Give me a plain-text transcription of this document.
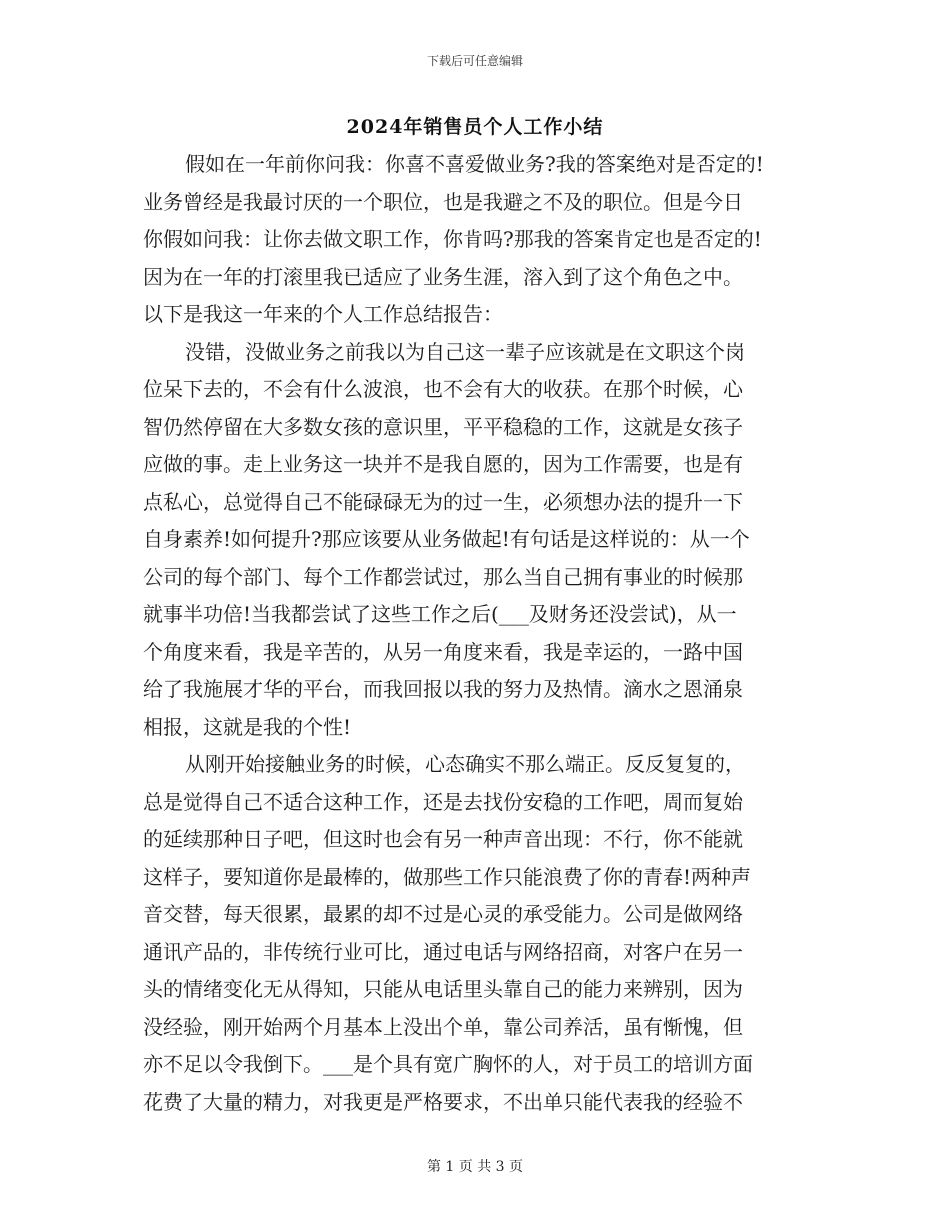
下载后可任意编辑
2024年销售员个人工作小结
假如在一年前你问我：你喜不喜爱做业务?我的答案绝对是否定的!
业务曾经是我最讨厌的一个职位，也是我避之不及的职位。但是今日
你假如问我：让你去做文职工作，你肯吗?那我的答案肯定也是否定的!
因为在一年的打滚里我已适应了业务生涯，溶入到了这个角色之中。
以下是我这一年来的个人工作总结报告：
没错，没做业务之前我以为自己这一辈子应该就是在文职这个岗
位呆下去的，不会有什么波浪，也不会有大的收获。在那个时候，心
智仍然停留在大多数女孩的意识里，平平稳稳的工作，这就是女孩子
应做的事。走上业务这一块并不是我自愿的，因为工作需要，也是有
点私心，总觉得自己不能碌碌无为的过一生，必须想办法的提升一下
自身素养!如何提升?那应该要从业务做起!有句话是这样说的：从一个
公司的每个部门、每个工作都尝试过，那么当自己拥有事业的时候那
就事半功倍!当我都尝试了这些工作之后(___及财务还没尝试)，从一
个角度来看，我是辛苦的，从另一角度来看，我是幸运的，一路中国
给了我施展才华的平台，而我回报以我的努力及热情。滴水之恩涌泉
相报，这就是我的个性!
从刚开始接触业务的时候，心态确实不那么端正。反反复复的，
总是觉得自己不适合这种工作，还是去找份安稳的工作吧，周而复始
的延续那种日子吧，但这时也会有另一种声音出现：不行，你不能就
这样子，要知道你是最棒的，做那些工作只能浪费了你的青春!两种声
音交替，每天很累，最累的却不过是心灵的承受能力。公司是做网络
通讯产品的，非传统行业可比，通过电话与网络招商，对客户在另一
头的情绪变化无从得知，只能从电话里头靠自己的能力来辨别，因为
没经验，刚开始两个月基本上没出个单，靠公司养活，虽有惭愧，但
亦不足以令我倒下。___是个具有宽广胸怀的人，对于员工的培训方面
花费了大量的精力，对我更是严格要求，不出单只能代表我的经验不
第 1 页 共 3 页
